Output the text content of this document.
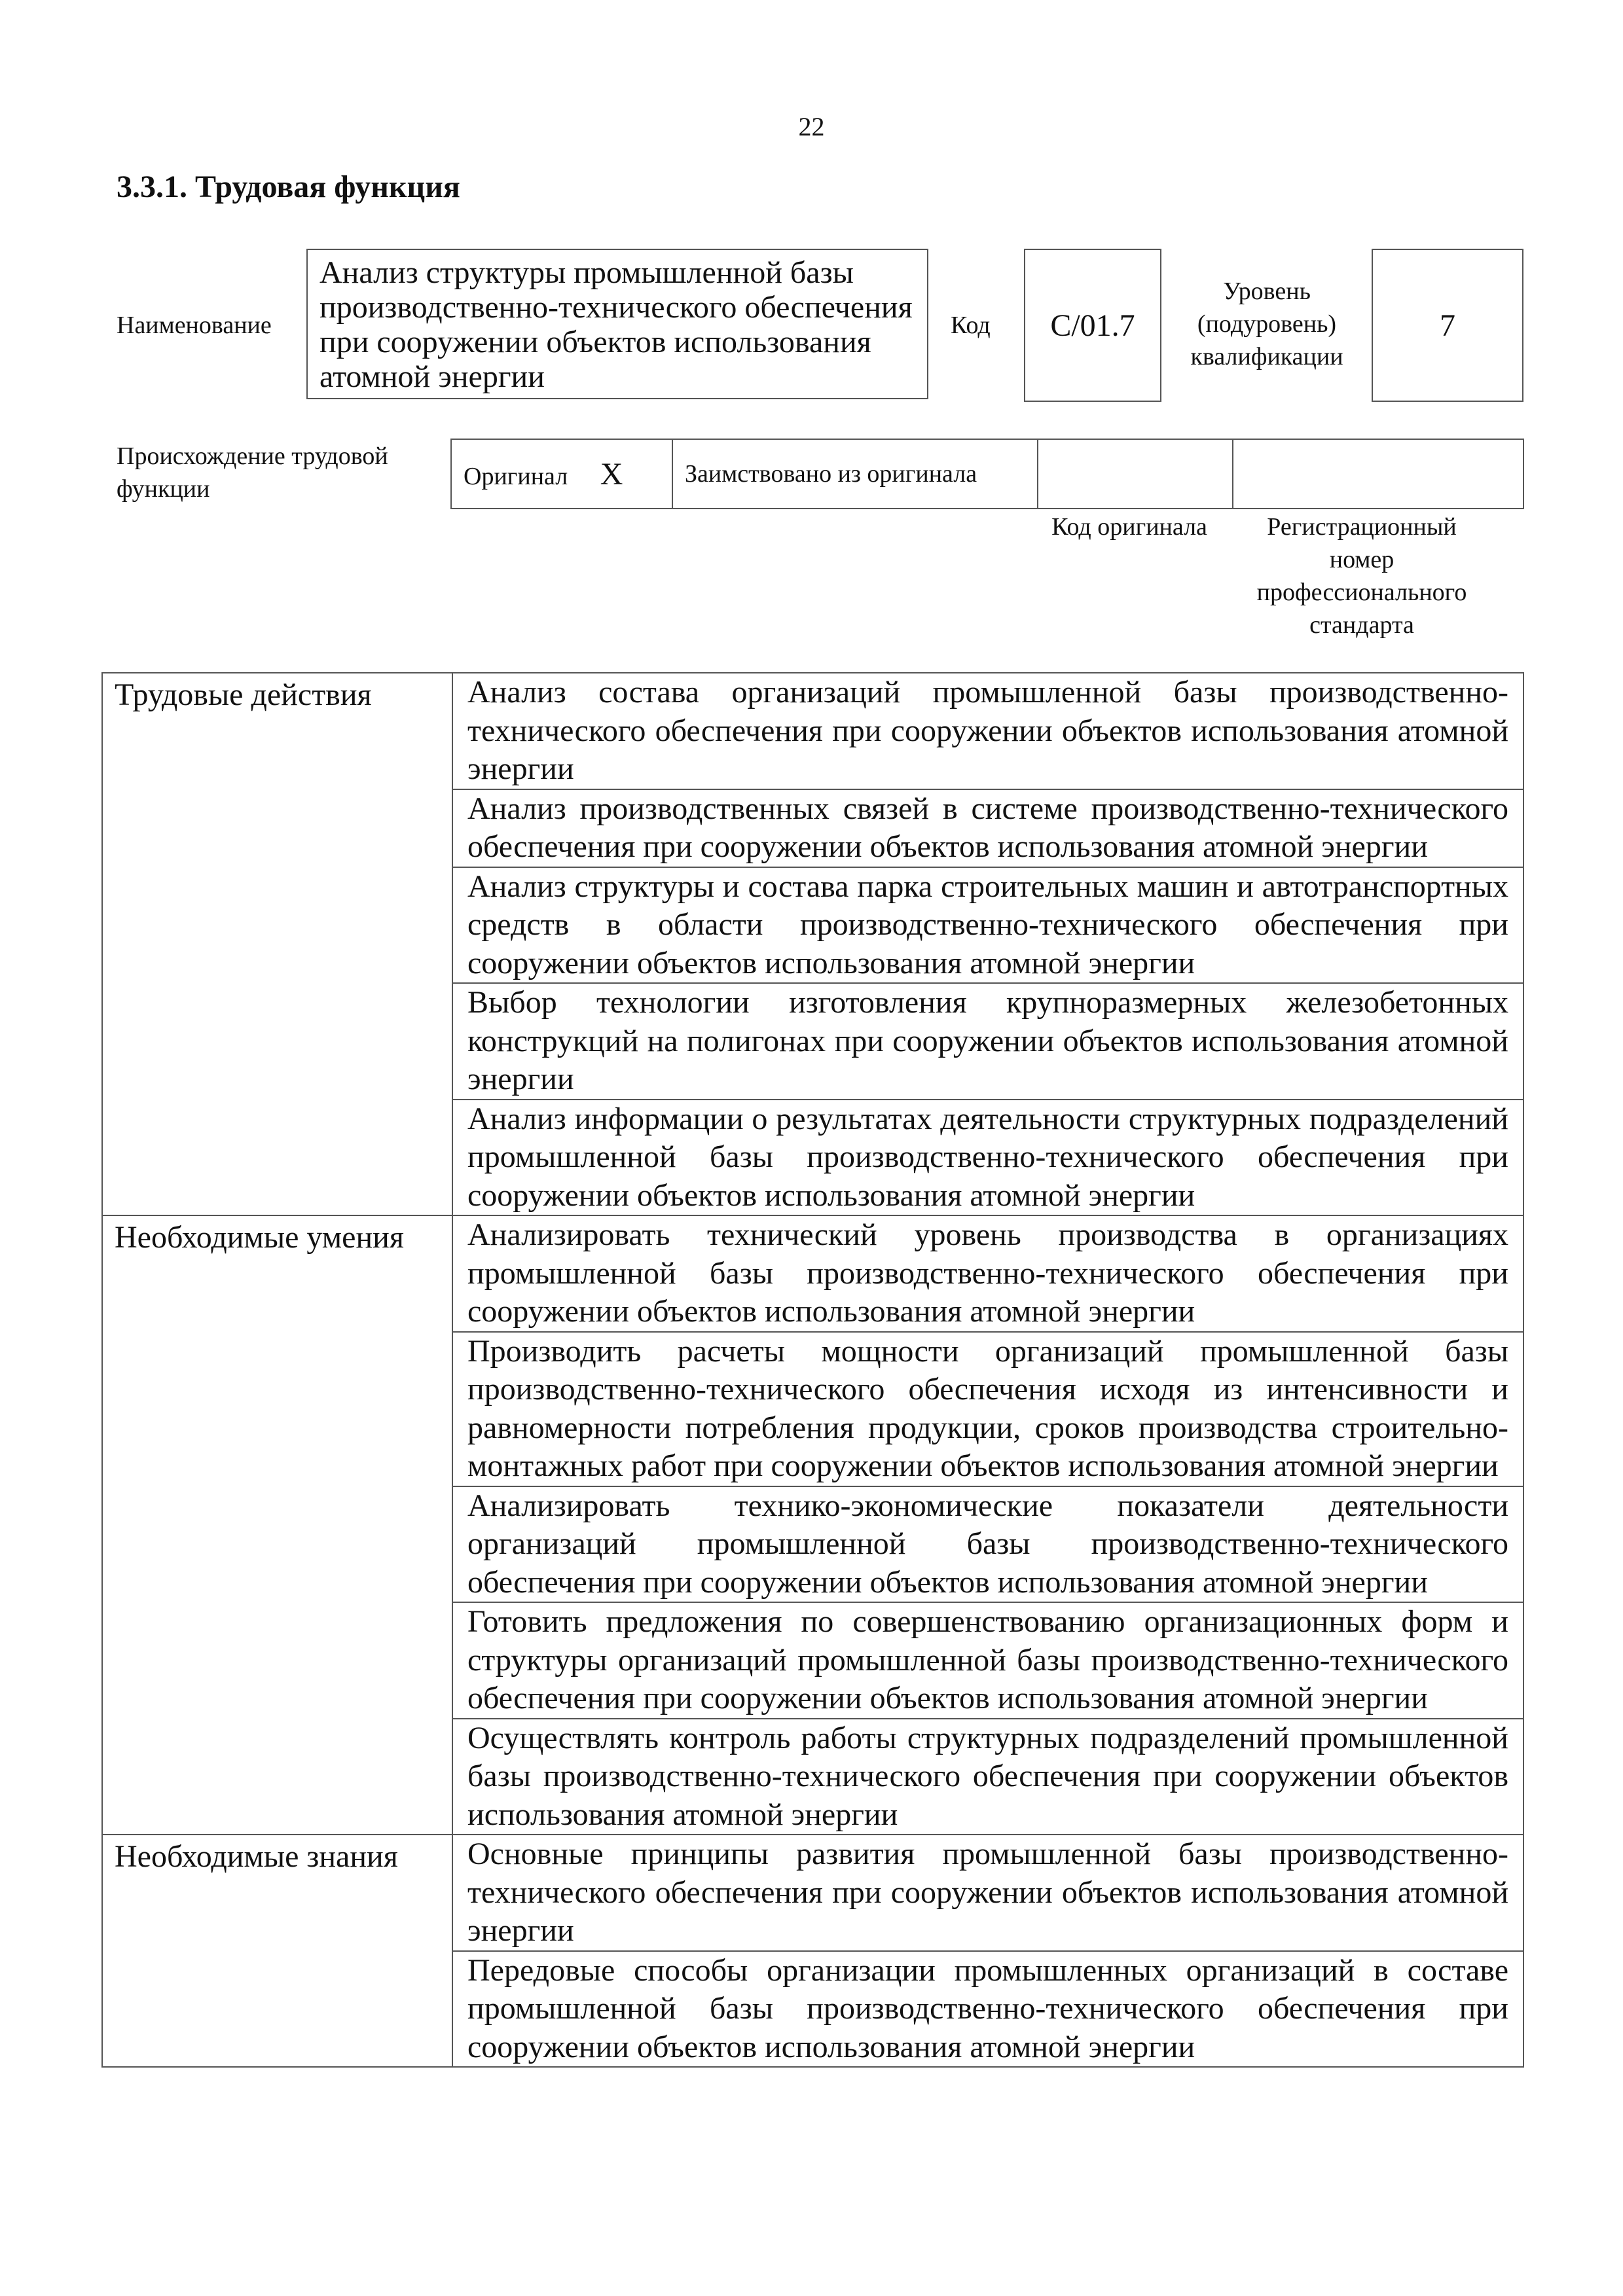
22
3.3.1. Трудовая функция
Наименование
Анализ структуры промышленной базы производственно-технического обеспечения при сооружении объектов использования атомной энергии
Код C/01.7
Уровень (подуровень) квалификации
7
Происхождение трудовой функции	Оригинал X	Заимствовано из оригинала		
Код оригинала	Регистрационный номер профессионального стандарта
Трудовые действия	Анализ состава организаций промышленной базы производственно-технического обеспечения при сооружении объектов использования атомной энергии
	Анализ производственных связей в системе производственно-технического обеспечения при сооружении объектов использования атомной энергии
	Анализ структуры и состава парка строительных машин и автотранспортных средств в области производственно-технического обеспечения при сооружении объектов использования атомной энергии
	Выбор технологии изготовления крупноразмерных железобетонных конструкций на полигонах при сооружении объектов использования атомной энергии
	Анализ информации о результатах деятельности структурных подразделений промышленной базы производственно-технического обеспечения при сооружении объектов использования атомной энергии
Необходимые умения	Анализировать технический уровень производства в организациях промышленной базы производственно-технического обеспечения при сооружении объектов использования атомной энергии
	Производить расчеты мощности организаций промышленной базы производственно-технического обеспечения исходя из интенсивности и равномерности потребления продукции, сроков производства строительно-монтажных работ при сооружении объектов использования атомной энергии
	Анализировать технико-экономические показатели деятельности организаций промышленной базы производственно-технического обеспечения при сооружении объектов использования атомной энергии
	Готовить предложения по совершенствованию организационных форм и структуры организаций промышленной базы производственно-технического обеспечения при сооружении объектов использования атомной энергии
	Осуществлять контроль работы структурных подразделений промышленной базы производственно-технического обеспечения при сооружении объектов использования атомной энергии
Необходимые знания	Основные принципы развития промышленной базы производственно-технического обеспечения при сооружении объектов использования атомной энергии
	Передовые способы организации промышленных организаций в составе промышленной базы производственно-технического обеспечения при сооружении объектов использования атомной энергии
